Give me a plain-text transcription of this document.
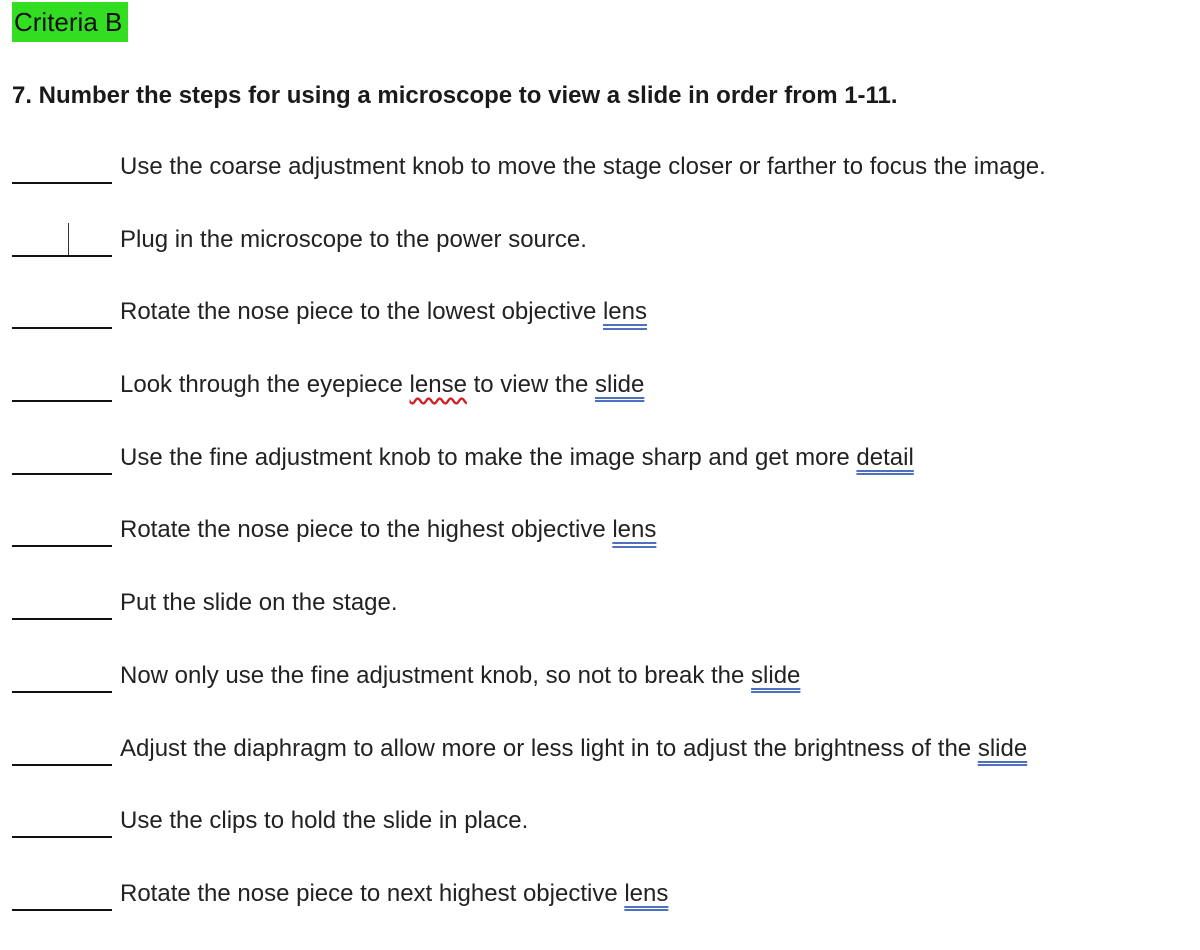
Criteria B
7. Number the steps for using a microscope to view a slide in order from 1-11.
Use the coarse adjustment knob to move the stage closer or farther to focus the image.
Plug in the microscope to the power source.
Rotate the nose piece to the lowest objective lens
Look through the eyepiece lense to view the slide
Use the fine adjustment knob to make the image sharp and get more detail
Rotate the nose piece to the highest objective lens
Put the slide on the stage.
Now only use the fine adjustment knob, so not to break the slide
Adjust the diaphragm to allow more or less light in to adjust the brightness of the slide
Use the clips to hold the slide in place.
Rotate the nose piece to next highest objective lens
